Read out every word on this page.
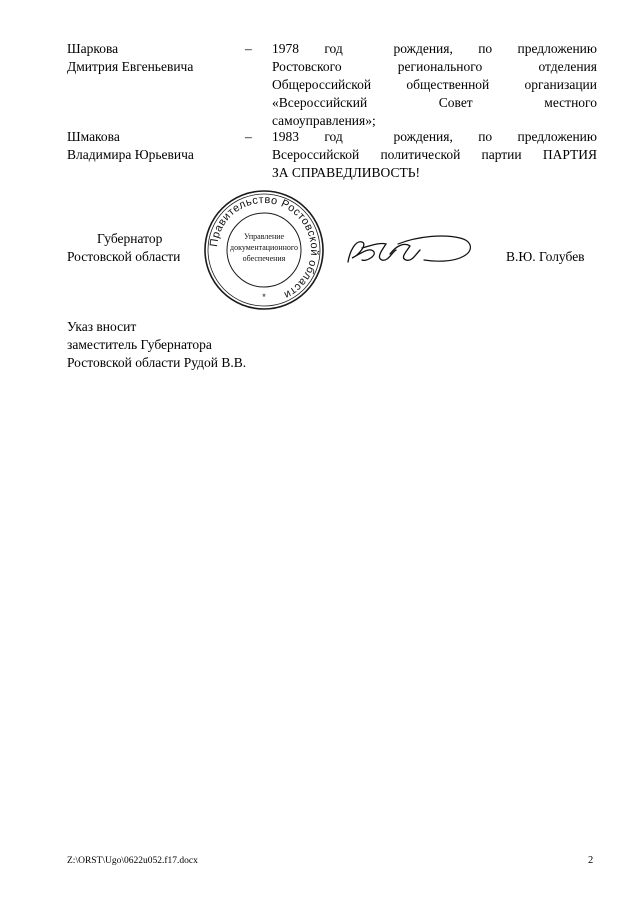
Шаркова
Дмитрия Евгеньевича
– 1978 год  рождения, по предложению
Ростовского регионального отделения
Общероссийской общественной организации
«Всероссийский Совет местного
самоуправления»;
Шмакова
Владимира Юрьевича
– 1983 год  рождения, по предложению
Всероссийской политической партии ПАРТИЯ
ЗА СПРАВЕДЛИВОСТЬ!
Губернатор
Ростовской области
Правительство Ростовской области
Управление
документационного
обеспечения
*
В.Ю. Голубев
Указ вносит
заместитель Губернатора
Ростовской области Рудой В.В.
Z:\ORST\Ugo\0622u052.f17.docx	2
